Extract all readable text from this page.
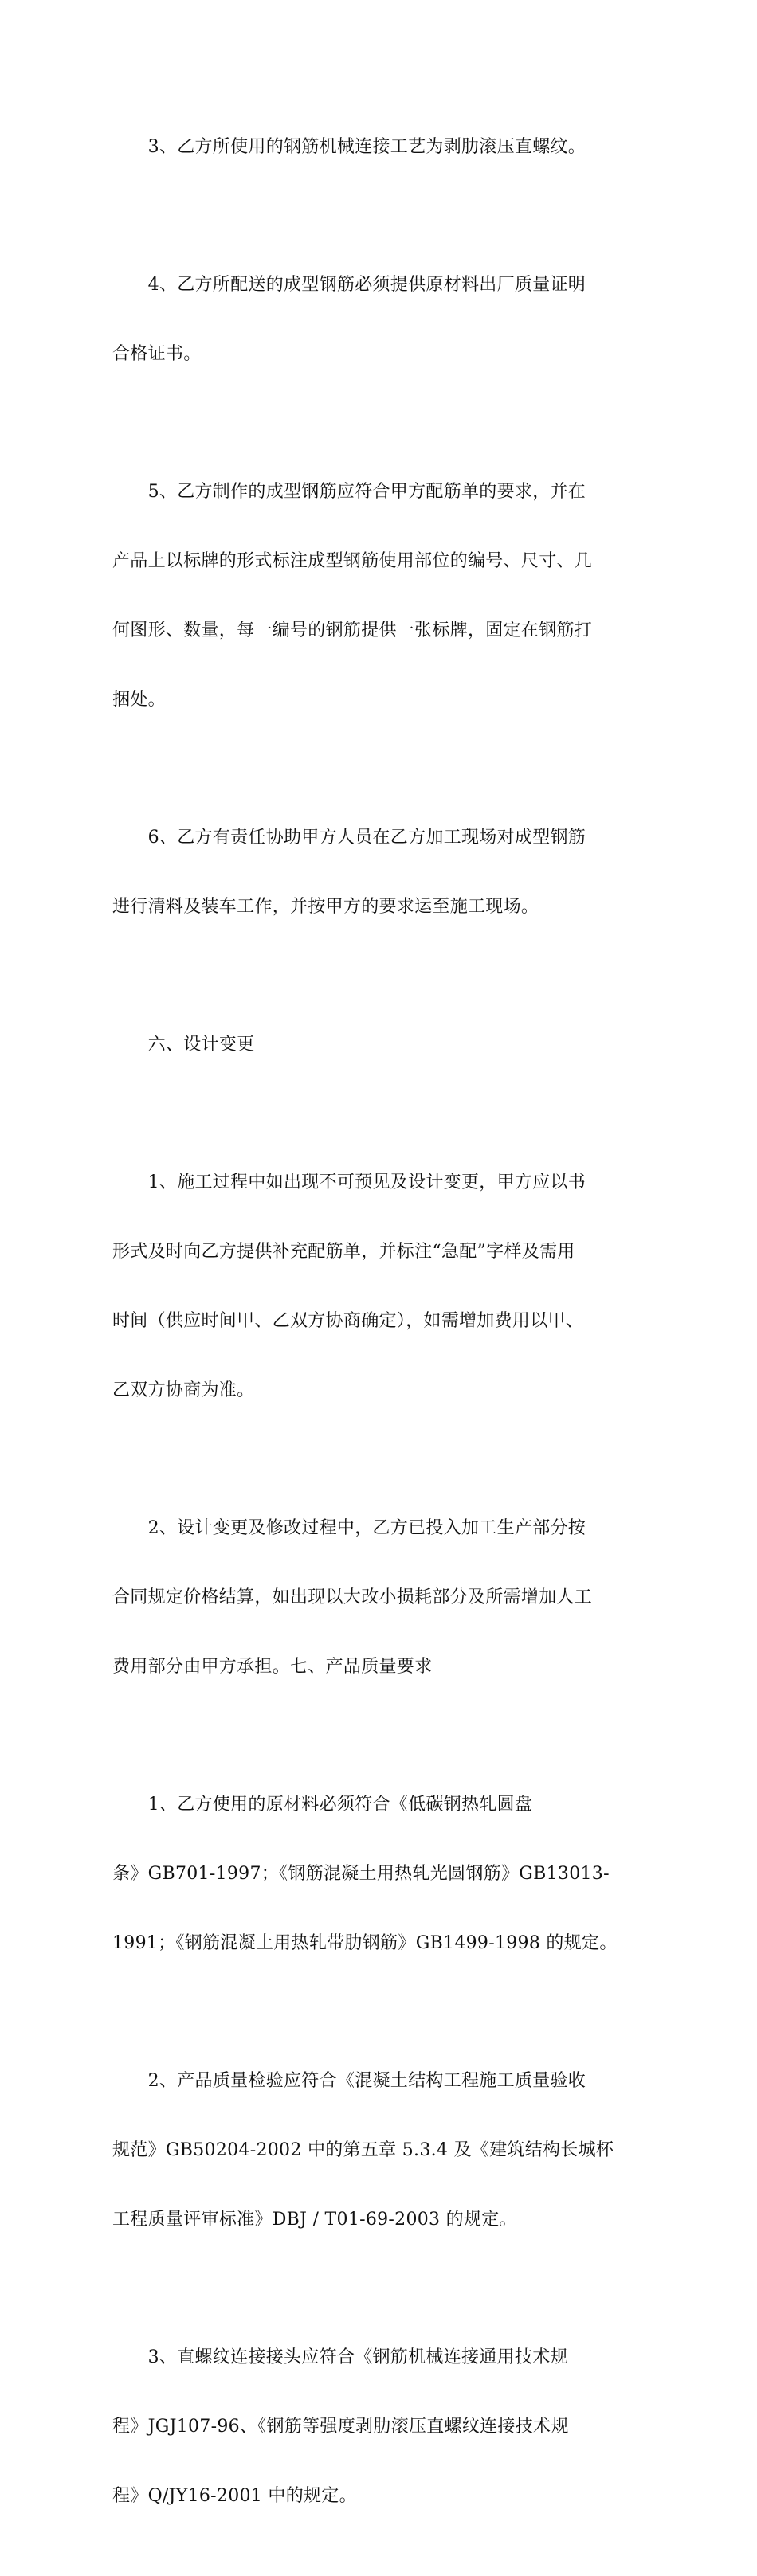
　　3、乙方所使用的钢筋机械连接工艺为剥肋滚压直螺纹。

　　4、乙方所配送的成型钢筋必须提供原材料出厂质量证明

合格证书。

　　5、乙方制作的成型钢筋应符合甲方配筋单的要求，并在

产品上以标牌的形式标注成型钢筋使用部位的编号、尺寸、几

何图形、数量，每一编号的钢筋提供一张标牌，固定在钢筋打

捆处。

　　6、乙方有责任协助甲方人员在乙方加工现场对成型钢筋

进行清料及装车工作，并按甲方的要求运至施工现场。

　　六、设计变更

　　1、施工过程中如出现不可预见及设计变更，甲方应以书

形式及时向乙方提供补充配筋单，并标注“急配”字样及需用

时间（供应时间甲、乙双方协商确定），如需增加费用以甲、

乙双方协商为准。

　　2、设计变更及修改过程中，乙方已投入加工生产部分按

合同规定价格结算，如出现以大改小损耗部分及所需增加人工

费用部分由甲方承担。七、产品质量要求

　　1、乙方使用的原材料必须符合《低碳钢热轧圆盘

条》GB701-1997；《钢筋混凝土用热轧光圆钢筋》GB13013-

1991；《钢筋混凝土用热轧带肋钢筋》GB1499-1998 的规定。

　　2、产品质量检验应符合《混凝土结构工程施工质量验收

规范》GB50204-2002 中的第五章 5.3.4 及《建筑结构长城杯

工程质量评审标准》DBJ / T01-69-2003 的规定。

　　3、直螺纹连接接头应符合《钢筋机械连接通用技术规

程》JGJ107-96、《钢筋等强度剥肋滚压直螺纹连接技术规

程》Q/JY16-2001 中的规定。
